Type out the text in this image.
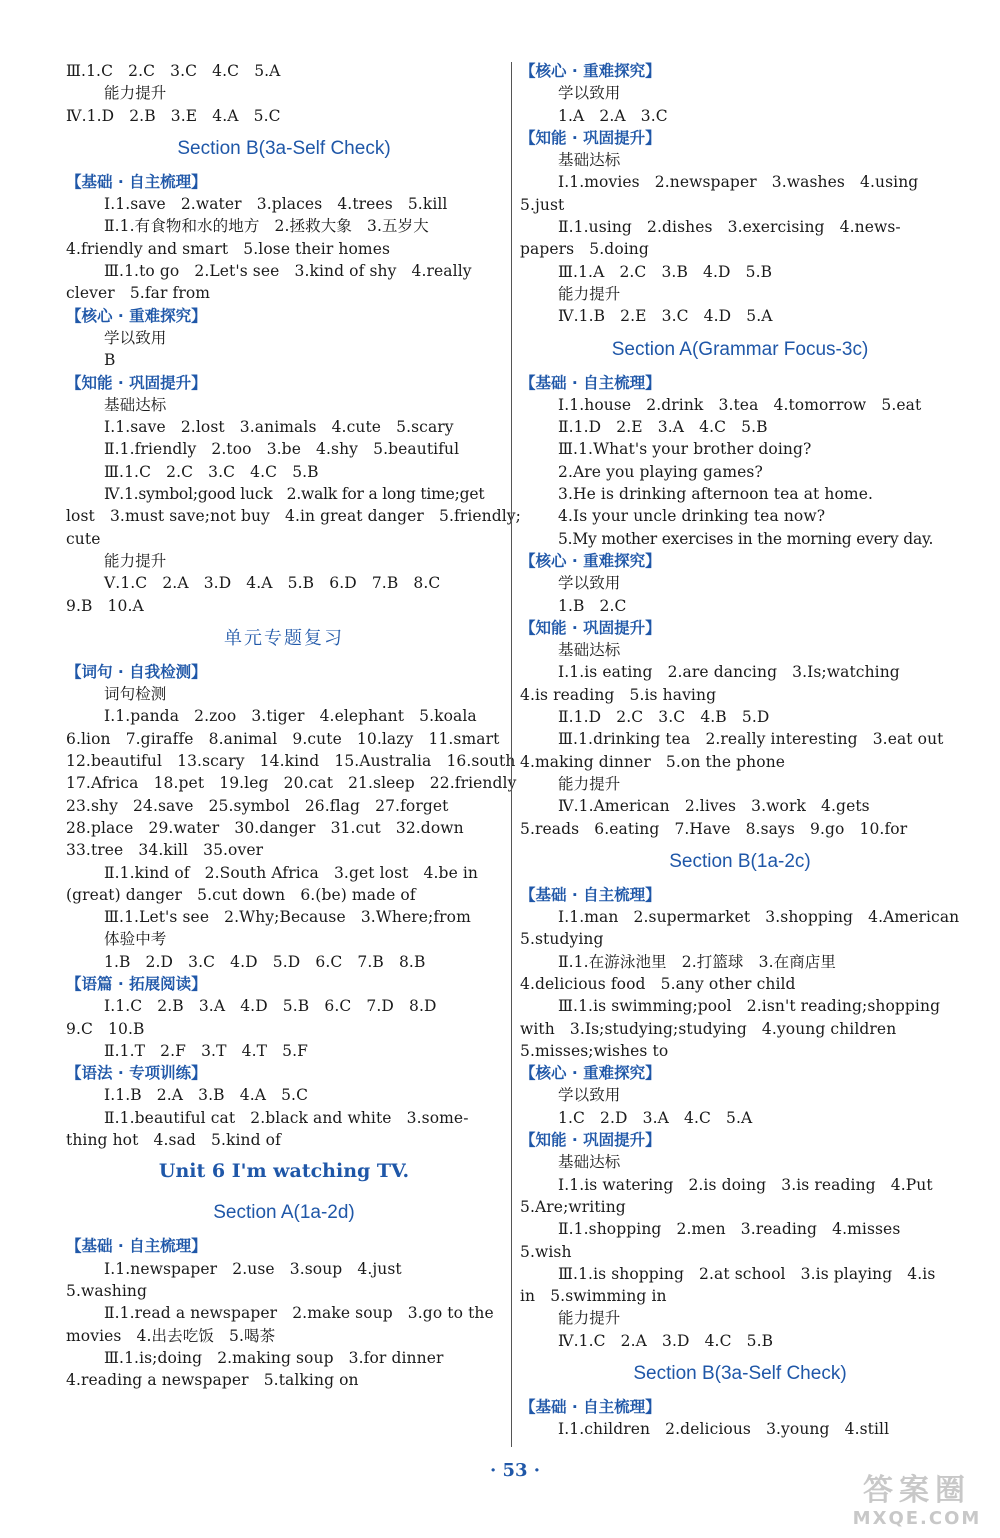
Ⅲ.1.C   2.C   3.C   4.C   5.A
能力提升
Ⅳ.1.D   2.B   3.E   4.A   5.C
Section B(3a-Self Check)
【基础 · 自主梳理】
Ⅰ.1.save   2.water   3.places   4.trees   5.kill
Ⅱ.1.有食物和水的地方   2.拯救大象   3.五岁大
4.friendly and smart   5.lose their homes
Ⅲ.1.to go   2.Let's see   3.kind of shy   4.really
clever   5.far from
【核心 · 重难探究】
学以致用
B
【知能 · 巩固提升】
基础达标
Ⅰ.1.save   2.lost   3.animals   4.cute   5.scary
Ⅱ.1.friendly   2.too   3.be   4.shy   5.beautiful
Ⅲ.1.C   2.C   3.C   4.C   5.B
Ⅳ.1.symbol;good luck   2.walk for a long time;get
lost   3.must save;not buy   4.in great danger   5.friendly;
cute
能力提升
Ⅴ.1.C   2.A   3.D   4.A   5.B   6.D   7.B   8.C
9.B   10.A
单元专题复习
【词句 · 自我检测】
词句检测
Ⅰ.1.panda   2.zoo   3.tiger   4.elephant   5.koala
6.lion   7.giraffe   8.animal   9.cute   10.lazy   11.smart
12.beautiful   13.scary   14.kind   15.Australia   16.south
17.Africa   18.pet   19.leg   20.cat   21.sleep   22.friendly
23.shy   24.save   25.symbol   26.flag   27.forget
28.place   29.water   30.danger   31.cut   32.down
33.tree   34.kill   35.over
Ⅱ.1.kind of   2.South Africa   3.get lost   4.be in
(great) danger   5.cut down   6.(be) made of
Ⅲ.1.Let's see   2.Why;Because   3.Where;from
体验中考
1.B   2.D   3.C   4.D   5.D   6.C   7.B   8.B
【语篇 · 拓展阅读】
Ⅰ.1.C   2.B   3.A   4.D   5.B   6.C   7.D   8.D
9.C   10.B
Ⅱ.1.T   2.F   3.T   4.T   5.F
【语法 · 专项训练】
Ⅰ.1.B   2.A   3.B   4.A   5.C
Ⅱ.1.beautiful cat   2.black and white   3.some-
thing hot   4.sad   5.kind of
Unit 6 I'm watching TV.
Section A(1a-2d)
【基础 · 自主梳理】
Ⅰ.1.newspaper   2.use   3.soup   4.just
5.washing
Ⅱ.1.read a newspaper   2.make soup   3.go to the
movies   4.出去吃饭   5.喝茶
Ⅲ.1.is;doing   2.making soup   3.for dinner
4.reading a newspaper   5.talking on
【核心 · 重难探究】
学以致用
1.A   2.A   3.C
【知能 · 巩固提升】
基础达标
Ⅰ.1.movies   2.newspaper   3.washes   4.using
5.just
Ⅱ.1.using   2.dishes   3.exercising   4.news-
papers   5.doing
Ⅲ.1.A   2.C   3.B   4.D   5.B
能力提升
Ⅳ.1.B   2.E   3.C   4.D   5.A
Section A(Grammar Focus-3c)
【基础 · 自主梳理】
Ⅰ.1.house   2.drink   3.tea   4.tomorrow   5.eat
Ⅱ.1.D   2.E   3.A   4.C   5.B
Ⅲ.1.What's your brother doing?
2.Are you playing games?
3.He is drinking afternoon tea at home.
4.Is your uncle drinking tea now?
5.My mother exercises in the morning every day.
【核心 · 重难探究】
学以致用
1.B   2.C
【知能 · 巩固提升】
基础达标
Ⅰ.1.is eating   2.are dancing   3.Is;watching
4.is reading   5.is having
Ⅱ.1.D   2.C   3.C   4.B   5.D
Ⅲ.1.drinking tea   2.really interesting   3.eat out
4.making dinner   5.on the phone
能力提升
Ⅳ.1.American   2.lives   3.work   4.gets
5.reads   6.eating   7.Have   8.says   9.go   10.for
Section B(1a-2c)
【基础 · 自主梳理】
Ⅰ.1.man   2.supermarket   3.shopping   4.American
5.studying
Ⅱ.1.在游泳池里   2.打篮球   3.在商店里
4.delicious food   5.any other child
Ⅲ.1.is swimming;pool   2.isn't reading;shopping
with   3.Is;studying;studying   4.young children
5.misses;wishes to
【核心 · 重难探究】
学以致用
1.C   2.D   3.A   4.C   5.A
【知能 · 巩固提升】
基础达标
Ⅰ.1.is watering   2.is doing   3.is reading   4.Put
5.Are;writing
Ⅱ.1.shopping   2.men   3.reading   4.misses
5.wish
Ⅲ.1.is shopping   2.at school   3.is playing   4.is
in   5.swimming in
能力提升
Ⅳ.1.C   2.A   3.D   4.C   5.B
Section B(3a-Self Check)
【基础 · 自主梳理】
Ⅰ.1.children   2.delicious   3.young   4.still
· 53 ·
答案圈
MXQE.COM
